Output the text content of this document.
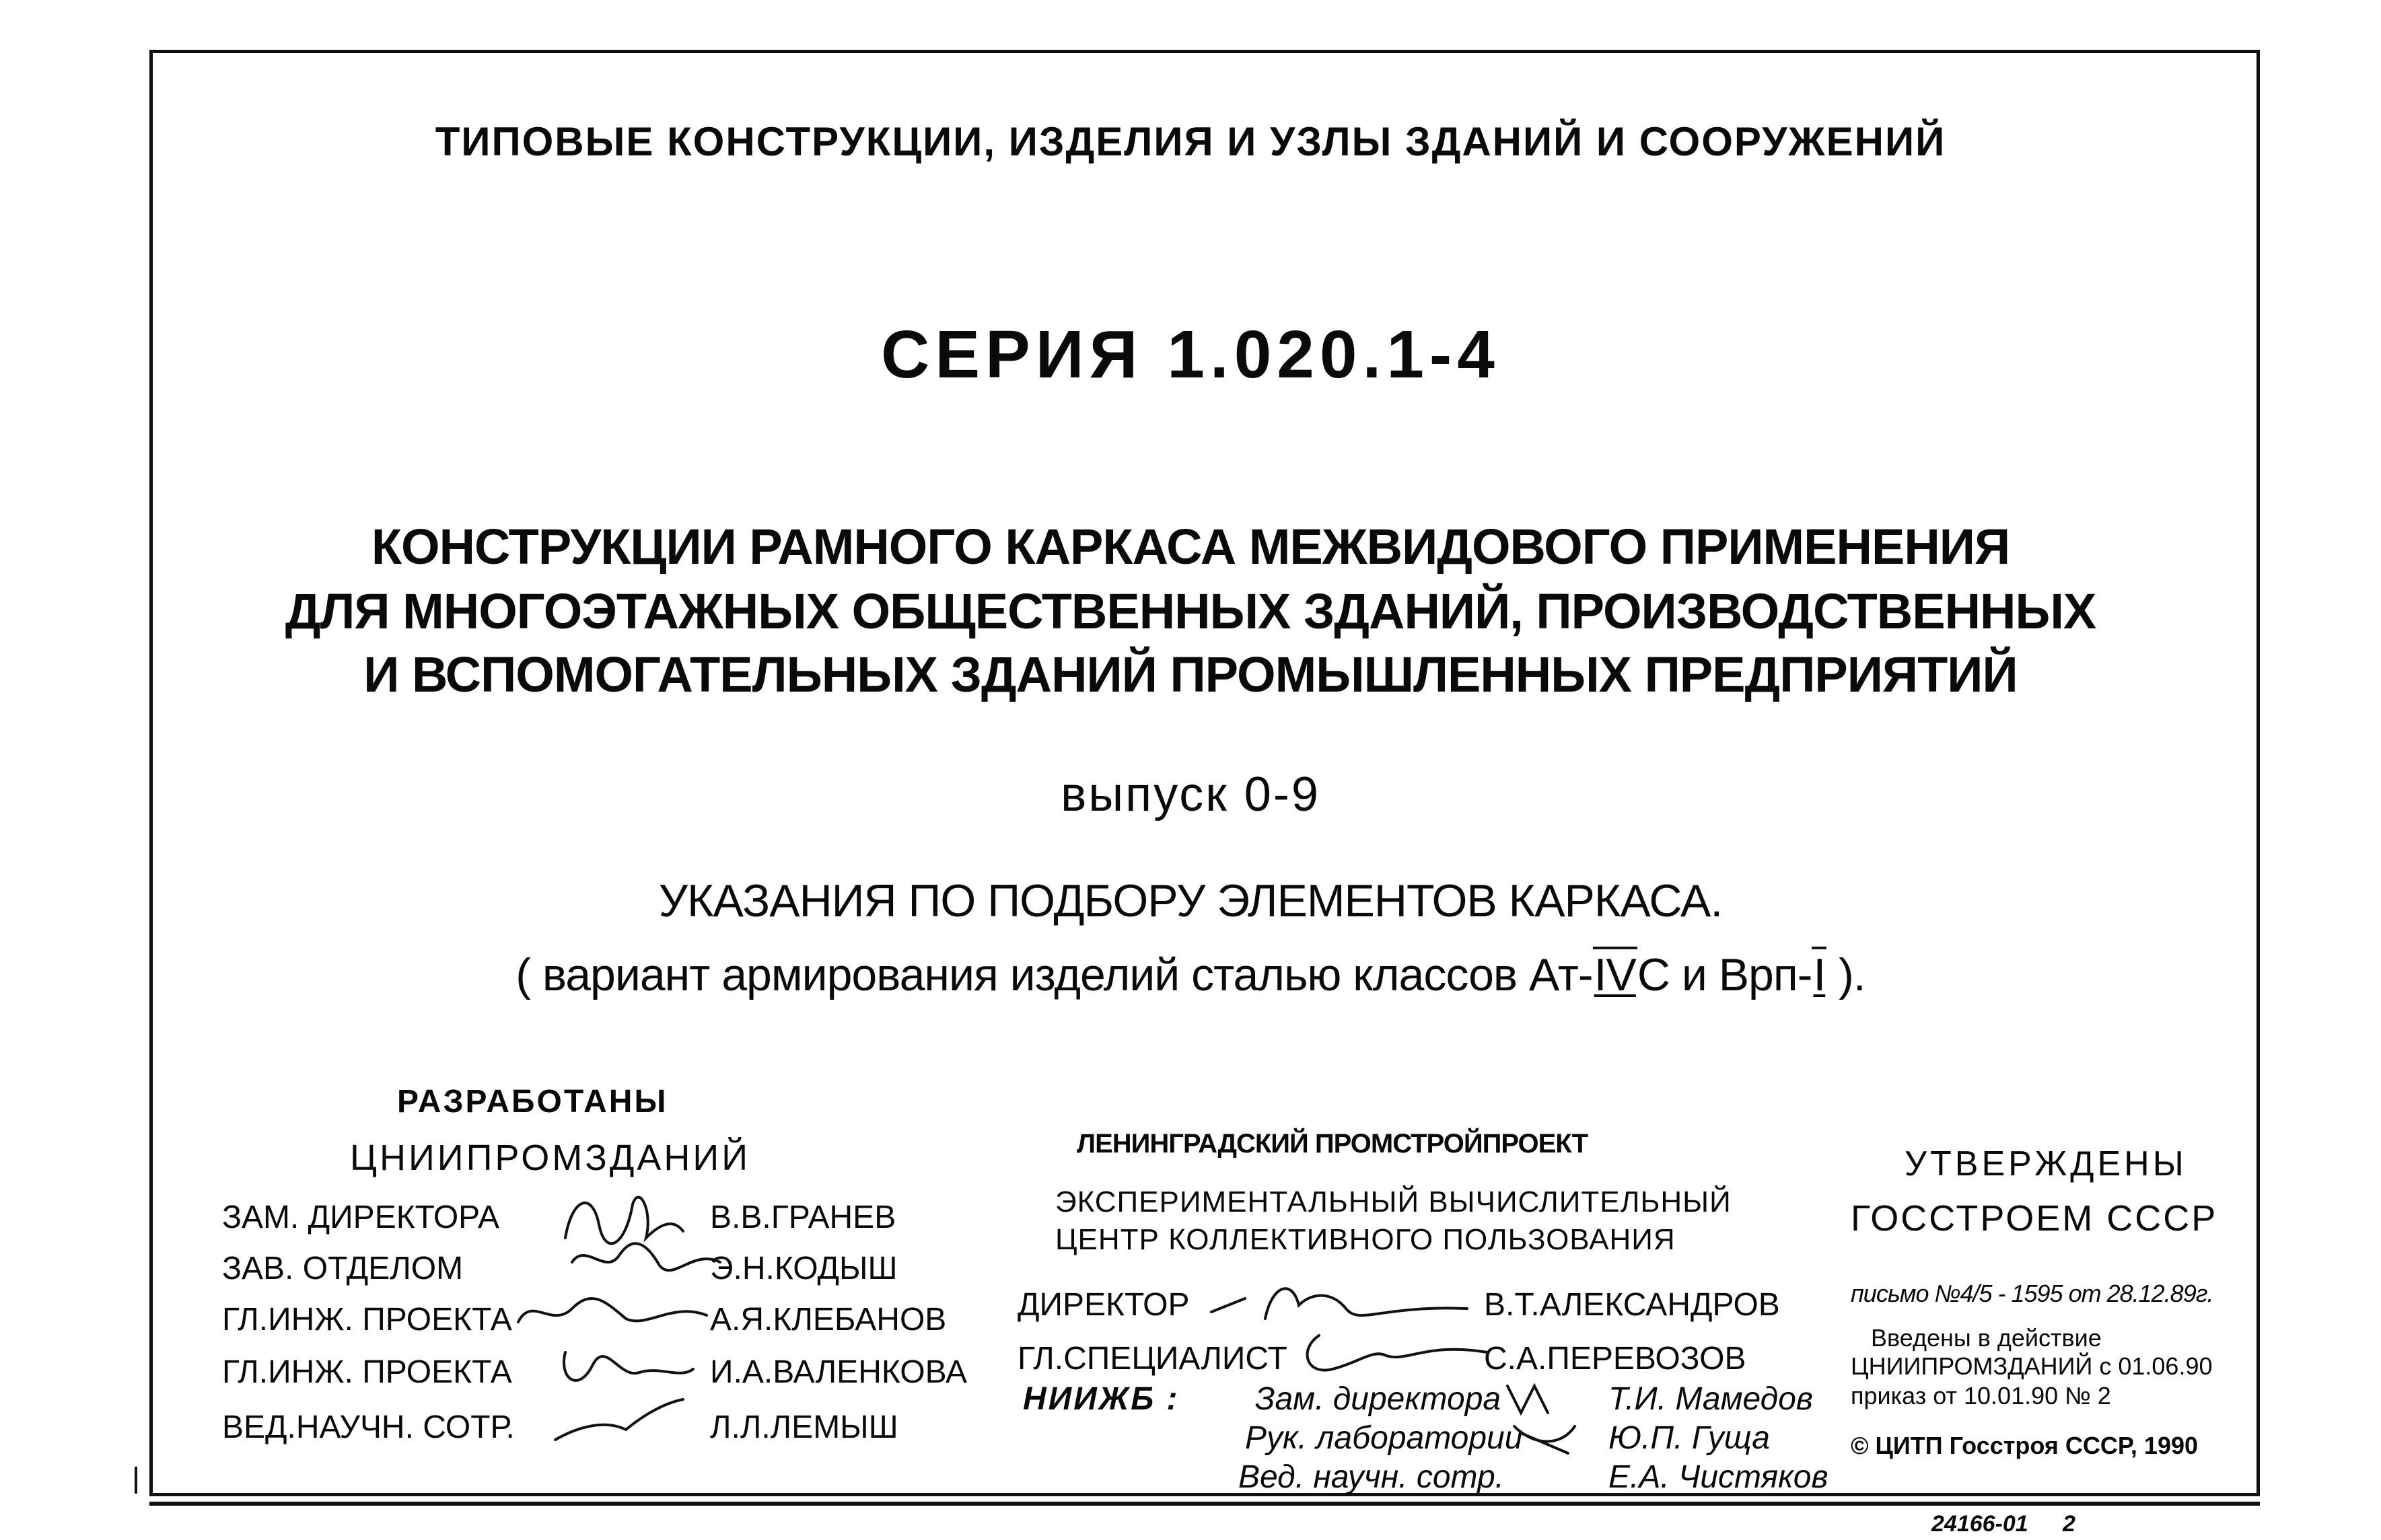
ТИПОВЫЕ КОНСТРУКЦИИ, ИЗДЕЛИЯ И УЗЛЫ ЗДАНИЙ И СООРУЖЕНИЙ
СЕРИЯ 1.020.1-4
КОНСТРУКЦИИ РАМНОГО КАРКАСА МЕЖВИДОВОГО ПРИМЕНЕНИЯ
ДЛЯ МНОГОЭТАЖНЫХ ОБЩЕСТВЕННЫХ ЗДАНИЙ, ПРОИЗВОДСТВЕННЫХ
И ВСПОМОГАТЕЛЬНЫХ ЗДАНИЙ ПРОМЫШЛЕННЫХ ПРЕДПРИЯТИЙ
выпуск 0-9
УКАЗАНИЯ ПО ПОДБОРУ ЭЛЕМЕНТОВ КАРКАСА.
( вариант армирования изделий сталью классов Ат-IVС и Врп-I ).
РАЗРАБОТАНЫ
ЦНИИПРОМЗДАНИЙ
ЗАМ. ДИРЕКТОРА	В.В.ГРАНЕВ
ЗАВ. ОТДЕЛОМ	Э.Н.КОДЫШ
ГЛ.ИНЖ. ПРОЕКТА	А.Я.КЛЕБАНОВ
ГЛ.ИНЖ. ПРОЕКТА	И.А.ВАЛЕНКОВА
ВЕД.НАУЧН. СОТР.	Л.Л.ЛЕМЫШ
ЛЕНИНГРАДСКИЙ ПРОМСТРОЙПРОЕКТ
ЭКСПЕРИМЕНТАЛЬНЫЙ ВЫЧИСЛИТЕЛЬНЫЙ
ЦЕНТР КОЛЛЕКТИВНОГО ПОЛЬЗОВАНИЯ
ДИРЕКТОР	В.Т.АЛЕКСАНДРОВ
ГЛ.СПЕЦИАЛИСТ	С.А.ПЕРЕВОЗОВ
НИИЖБ : Зам. директора	Т.И. Мамедов
Рук. лаборатории	Ю.П. Гуща
Вед. научн. сотр.	Е.А. Чистяков
УТВЕРЖДЕНЫ
ГОССТРОЕМ СССР
письмо №4/5 - 1595 от 28.12.89г.
Введены в действие
ЦНИИПРОМЗДАНИЙ с 01.06.90
приказ от 10.01.90 № 2
© ЦИТП Госстроя СССР, 1990
24166-01 2
